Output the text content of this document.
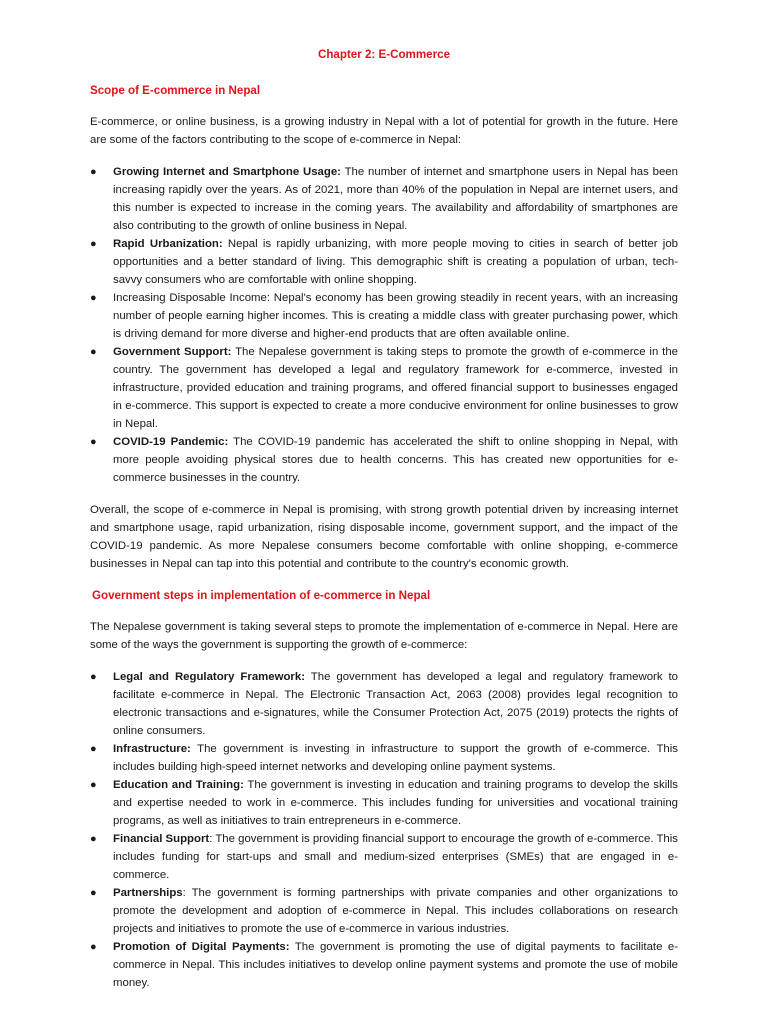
Chapter 2: E-Commerce
Scope of E-commerce in Nepal

E-commerce, or online business, is a growing industry in Nepal with a lot of potential for growth in the future. Here are some of the factors contributing to the scope of e-commerce in Nepal:

● Growing Internet and Smartphone Usage: The number of internet and smartphone users in Nepal has been increasing rapidly over the years. As of 2021, more than 40% of the population in Nepal are internet users, and this number is expected to increase in the coming years. The availability and affordability of smartphones are also contributing to the growth of online business in Nepal.
● Rapid Urbanization: Nepal is rapidly urbanizing, with more people moving to cities in search of better job opportunities and a better standard of living. This demographic shift is creating a population of urban, tech-savvy consumers who are comfortable with online shopping.
● Increasing Disposable Income: Nepal's economy has been growing steadily in recent years, with an increasing number of people earning higher incomes. This is creating a middle class with greater purchasing power, which is driving demand for more diverse and higher-end products that are often available online.
● Government Support: The Nepalese government is taking steps to promote the growth of e-commerce in the country. The government has developed a legal and regulatory framework for e-commerce, invested in infrastructure, provided education and training programs, and offered financial support to businesses engaged in e-commerce. This support is expected to create a more conducive environment for online businesses to grow in Nepal.
● COVID-19 Pandemic: The COVID-19 pandemic has accelerated the shift to online shopping in Nepal, with more people avoiding physical stores due to health concerns. This has created new opportunities for e-commerce businesses in the country.

Overall, the scope of e-commerce in Nepal is promising, with strong growth potential driven by increasing internet and smartphone usage, rapid urbanization, rising disposable income, government support, and the impact of the COVID-19 pandemic. As more Nepalese consumers become comfortable with online shopping, e-commerce businesses in Nepal can tap into this potential and contribute to the country's economic growth.

Government steps in implementation of e-commerce in Nepal

The Nepalese government is taking several steps to promote the implementation of e-commerce in Nepal. Here are some of the ways the government is supporting the growth of e-commerce:

● Legal and Regulatory Framework: The government has developed a legal and regulatory framework to facilitate e-commerce in Nepal. The Electronic Transaction Act, 2063 (2008) provides legal recognition to electronic transactions and e-signatures, while the Consumer Protection Act, 2075 (2019) protects the rights of online consumers.
● Infrastructure: The government is investing in infrastructure to support the growth of e-commerce. This includes building high-speed internet networks and developing online payment systems.
● Education and Training: The government is investing in education and training programs to develop the skills and expertise needed to work in e-commerce. This includes funding for universities and vocational training programs, as well as initiatives to train entrepreneurs in e-commerce.
● Financial Support: The government is providing financial support to encourage the growth of e-commerce. This includes funding for start-ups and small and medium-sized enterprises (SMEs) that are engaged in e-commerce.
● Partnerships: The government is forming partnerships with private companies and other organizations to promote the development and adoption of e-commerce in Nepal. This includes collaborations on research projects and initiatives to promote the use of e-commerce in various industries.
● Promotion of Digital Payments: The government is promoting the use of digital payments to facilitate e-commerce in Nepal. This includes initiatives to develop online payment systems and promote the use of mobile money.
